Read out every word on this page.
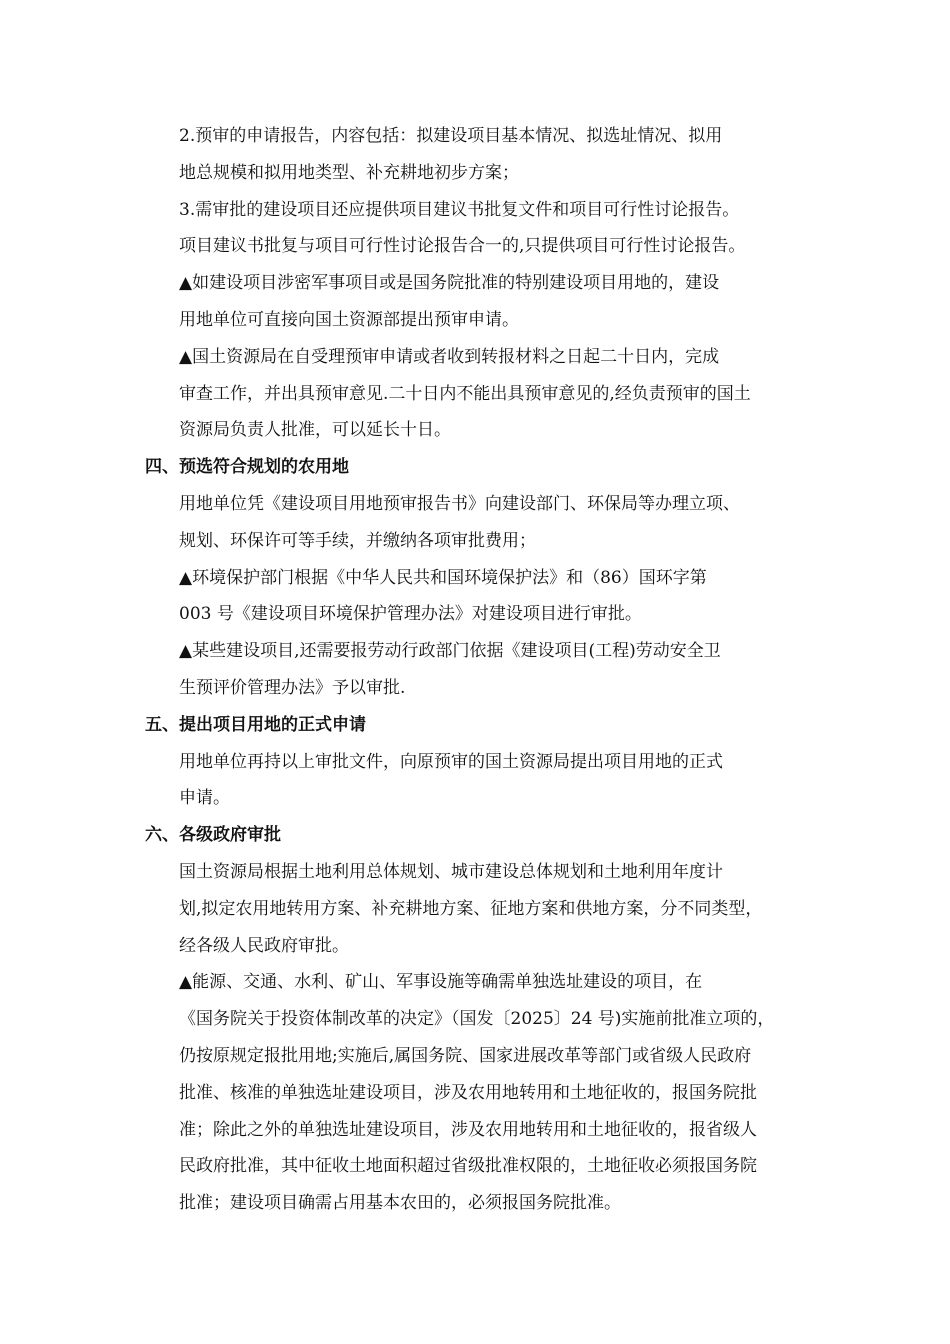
2.预审的申请报告，内容包括：拟建设项目基本情况、拟选址情况、拟用
地总规模和拟用地类型、补充耕地初步方案；

3.需审批的建设项目还应提供项目建议书批复文件和项目可行性讨论报告。
项目建议书批复与项目可行性讨论报告合一的,只提供项目可行性讨论报告。

▲如建设项目涉密军事项目或是国务院批准的特别建设项目用地的，建设
用地单位可直接向国土资源部提出预审申请。

▲国土资源局在自受理预审申请或者收到转报材料之日起二十日内，完成
审查工作，并出具预审意见.二十日内不能出具预审意见的,经负责预审的国土
资源局负责人批准，可以延长十日。

四、预选符合规划的农用地

用地单位凭《建设项目用地预审报告书》向建设部门、环保局等办理立项、
规划、环保许可等手续，并缴纳各项审批费用；

▲环境保护部门根据《中华人民共和国环境保护法》和（86）国环字第
003 号《建设项目环境保护管理办法》对建设项目进行审批。

▲某些建设项目,还需要报劳动行政部门依据《建设项目(工程)劳动安全卫
生预评价管理办法》予以审批.

五、提出项目用地的正式申请

用地单位再持以上审批文件，向原预审的国土资源局提出项目用地的正式
申请。

六、各级政府审批

国土资源局根据土地利用总体规划、城市建设总体规划和土地利用年度计
划,拟定农用地转用方案、补充耕地方案、征地方案和供地方案，分不同类型，
经各级人民政府审批。

▲能源、交通、水利、矿山、军事设施等确需单独选址建设的项目，在
《国务院关于投资体制改革的决定》（国发〔2025〕24 号)实施前批准立项的，
仍按原规定报批用地;实施后,属国务院、国家进展改革等部门或省级人民政府
批准、核准的单独选址建设项目，涉及农用地转用和土地征收的，报国务院批
准；除此之外的单独选址建设项目，涉及农用地转用和土地征收的，报省级人
民政府批准，其中征收土地面积超过省级批准权限的，土地征收必须报国务院
批准；建设项目确需占用基本农田的，必须报国务院批准。
